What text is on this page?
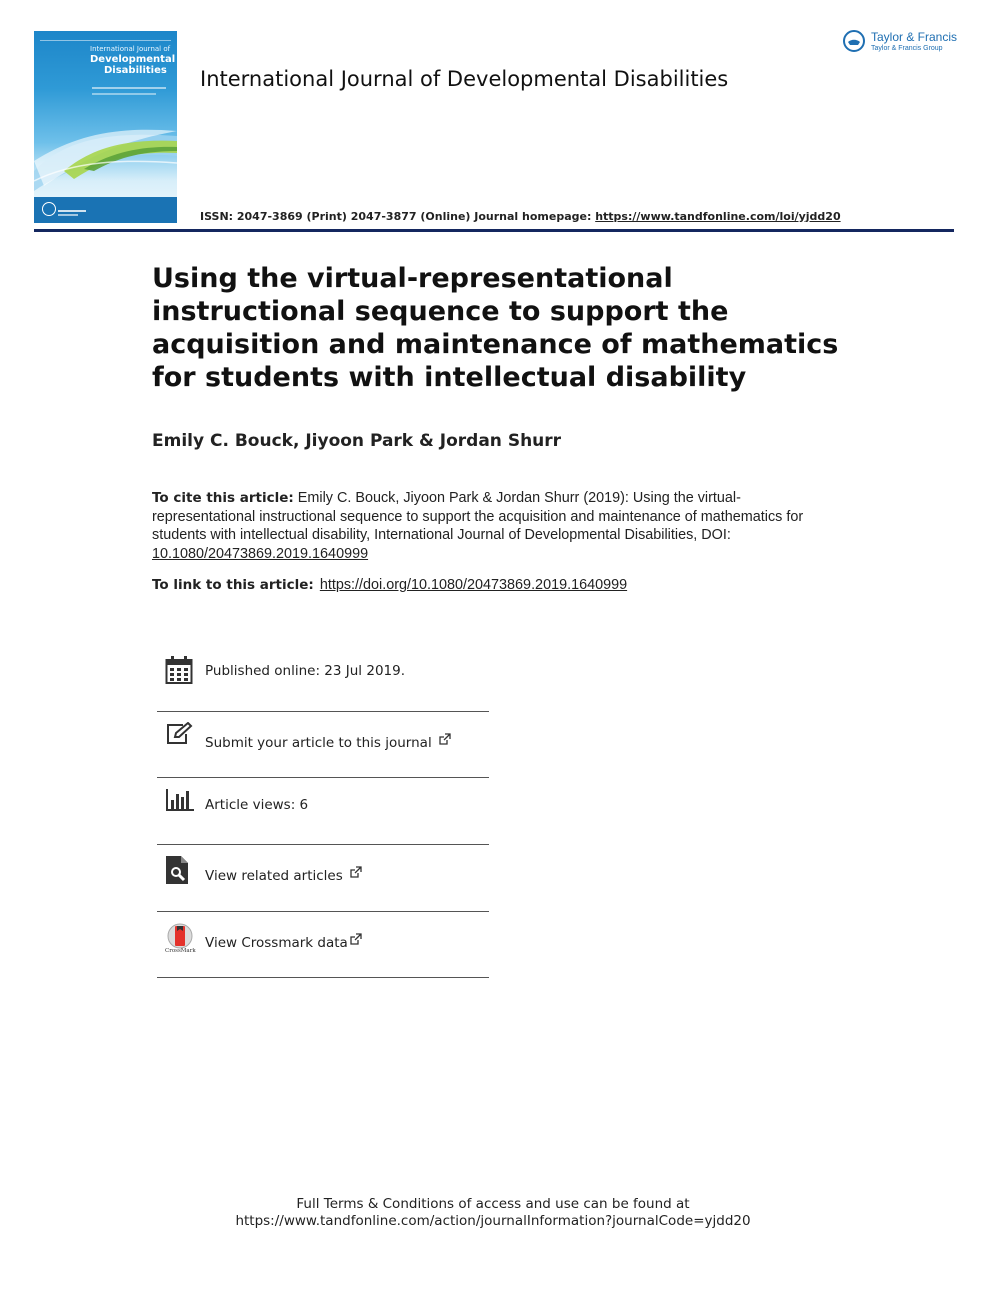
International Journal of
Developmental
Disabilities
Taylor & Francis
Taylor & Francis Group
International Journal of Developmental Disabilities
ISSN: 2047-3869 (Print) 2047-3877 (Online) Journal homepage: https://www.tandfonline.com/loi/yjdd20
Using the virtual-representational instructional sequence to support the acquisition and maintenance of mathematics for students with intellectual disability
Emily C. Bouck, Jiyoon Park & Jordan Shurr
To cite this article: Emily C. Bouck, Jiyoon Park & Jordan Shurr (2019): Using the virtual-representational instructional sequence to support the acquisition and maintenance of mathematics for students with intellectual disability, International Journal of Developmental Disabilities, DOI: 10.1080/20473869.2019.1640999
To link to this article: https://doi.org/10.1080/20473869.2019.1640999
Published online: 23 Jul 2019.
Submit your article to this journal
Article views: 6
View related articles
CrossMark View Crossmark data
Full Terms & Conditions of access and use can be found at
https://www.tandfonline.com/action/journalInformation?journalCode=yjdd20
